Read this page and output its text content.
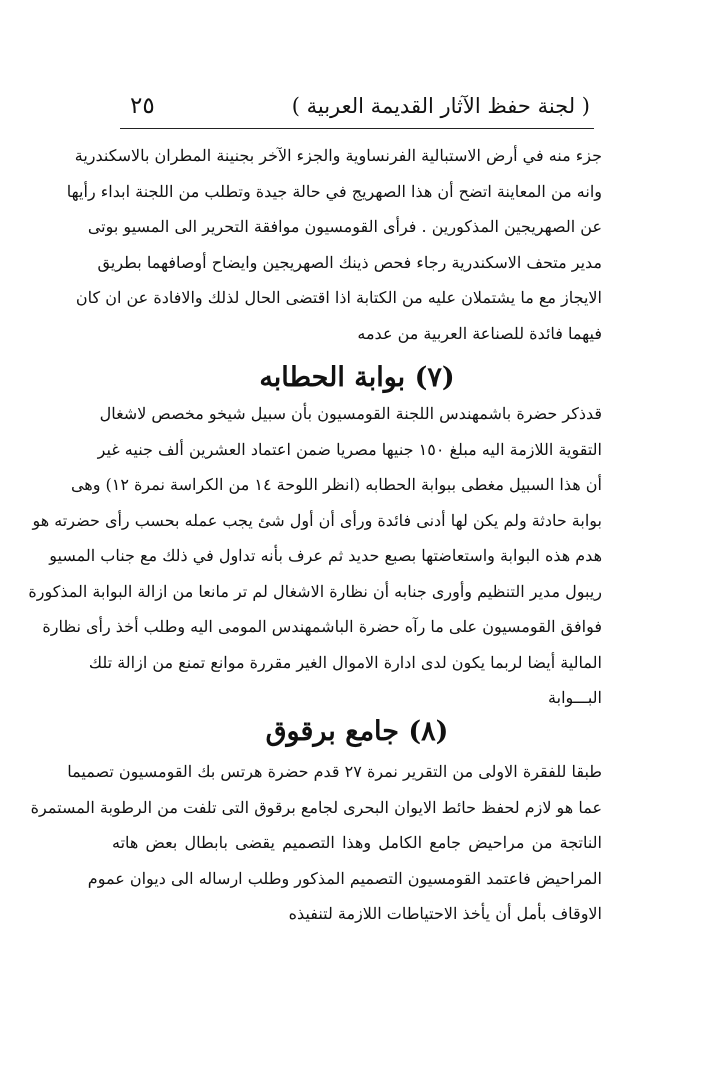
( لجنة حفظ الآثار القديمة العربية )
٢٥
جزء منه في أرض الاستبالية الفرنساوية والجزء الآخر بجنينة المطران بالاسكندرية
وانه من المعاينة اتضح أن هذا الصهريج في حالة جيدة وتطلب من اللجنة ابداء رأيها
عن الصهريجين المذكورين . فرأى القومسيون موافقة التحرير الى المسيو بوتى
مدير متحف الاسكندرية رجاء فحص ذينك الصهريجين وايضاح أوصافهما بطريق
الايجاز مع ما يشتملان عليه من الكتابة اذا اقتضى الحال لذلك والافادة عن ان كان
فيهما فائدة للصناعة العربية من عدمه
(٧) بوابة الحطابه
قدذكر حضرة باشمهندس اللجنة القومسيون بأن سبيل شيخو مخصص لاشغال
التقوية اللازمة اليه مبلغ ١٥٠ جنيها مصريا ضمن اعتماد العشرين ألف جنيه غير
أن هذا السبيل مغطى ببوابة الحطابه (انظر اللوحة ١٤ من الكراسة نمرة ١٢) وهى
بوابة حادثة ولم يكن لها أدنى فائدة ورأى أن أول شئ يجب عمله بحسب رأى حضرته هو
هدم هذه البوابة واستعاضتها بصبع حديد ثم عرف بأنه تداول في ذلك مع جناب المسيو
ريبول مدير التنظيم وأورى جنابه أن نظارة الاشغال لم تر مانعا من ازالة البوابة المذكورة
فوافق القومسيون على ما رآه حضرة الباشمهندس المومى اليه وطلب أخذ رأى نظارة
المالية أيضا لربما يكون لدى ادارة الاموال الغير مقررة موانع تمنع من ازالة تلك
البـــوابة
(٨) جامع برقوق
طبقا للفقرة الاولى من التقرير نمرة ٢٧ قدم حضرة هرتس بك القومسيون تصميما
عما هو لازم لحفظ حائط الايوان البحرى لجامع برقوق التى تلفت من الرطوبة المستمرة
الناتجة من مراحيض جامع الكامل وهذا التصميم يقضى بابطال بعض هاته
المراحيض فاعتمد القومسيون التصميم المذكور وطلب ارساله الى ديوان عموم
الاوقاف بأمل أن يأخذ الاحتياطات اللازمة لتنفيذه
